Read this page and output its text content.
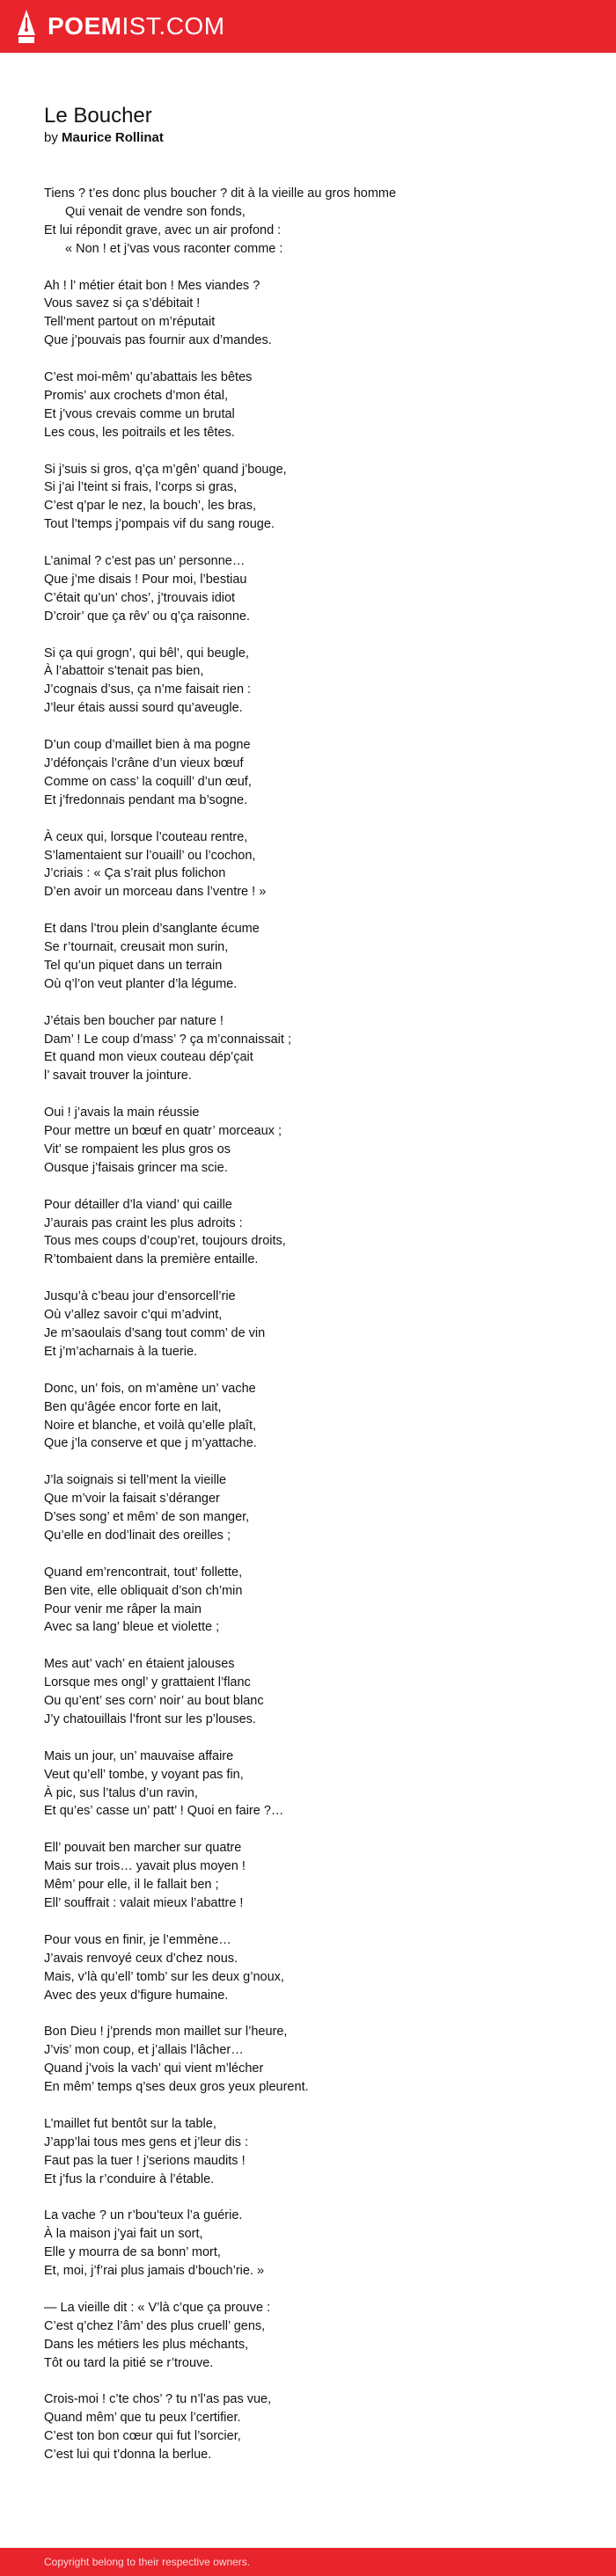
POEMIST.COM
Le Boucher
by Maurice Rollinat
Tiens ? t’es donc plus boucher ? dit à la vieille au gros homme
Qui venait de vendre son fonds,
Et lui répondit grave, avec un air profond :
« Non ! et j’vas vous raconter comme :
Ah ! l’ métier était bon ! Mes viandes ?
Vous savez si ça s’débitait !
Tell’ment partout on m’réputait
Que j’pouvais pas fournir aux d’mandes.
C’est moi-mêm’ qu’abattais les bêtes
Promis’ aux crochets d’mon étal,
Et j’vous crevais comme un brutal
Les cous, les poitrails et les têtes.
Si j’suis si gros, q’ça m’gên’ quand j’bouge,
Si j’ai l’teint si frais, l’corps si gras,
C’est q’par le nez, la bouch’, les bras,
Tout l’temps j’pompais vif du sang rouge.
L’animal ? c’est pas un’ personne…
Que j’me disais ! Pour moi, l’bestiau
C’était qu’un’ chos’, j’trouvais idiot
D’croir’ que ça rêv’ ou q’ça raisonne.
Si ça qui grogn’, qui bêl’, qui beugle,
À l’abattoir s’tenait pas bien,
J’cognais d’sus, ça n’me faisait rien :
J’leur étais aussi sourd qu’aveugle.
D’un coup d’maillet bien à ma pogne
J’défonçais l’crâne d’un vieux bœuf
Comme on cass’ la coquill’ d’un œuf,
Et j’fredonnais pendant ma b’sogne.
À ceux qui, lorsque l’couteau rentre,
S’lamentaient sur l’ouaill’ ou l’cochon,
J’criais : « Ça s’rait plus folichon
D’en avoir un morceau dans l’ventre ! »
Et dans l’trou plein d’sanglante écume
Se r’tournait, creusait mon surin,
Tel qu’un piquet dans un terrain
Où q’l’on veut planter d’la légume.
J’étais ben boucher par nature !
Dam’ ! Le coup d’mass’ ? ça m’connaissait ;
Et quand mon vieux couteau dép’çait
l’ savait trouver la jointure.
Oui ! j’avais la main réussie
Pour mettre un bœuf en quatr’ morceaux ;
Vit’ se rompaient les plus gros os
Ousque j’faisais grincer ma scie.
Pour détailler d’la viand’ qui caille
J’aurais pas craint les plus adroits :
Tous mes coups d’coup’ret, toujours droits,
R’tombaient dans la première entaille.
Jusqu’à c’beau jour d’ensorcell’rie
Où v’allez savoir c’qui m’advint,
Je m’saoulais d’sang tout comm’ de vin
Et j’m’acharnais à la tuerie.
Donc, un’ fois, on m’amène un’ vache
Ben qu’âgée encor forte en lait,
Noire et blanche, et voilà qu’elle plaît,
Que j’la conserve et que j m’yattache.
J’la soignais si tell’ment la vieille
Que m’voir la faisait s’déranger
D’ses song’ et mêm’ de son manger,
Qu’elle en dod’linait des oreilles ;
Quand em’rencontrait, tout’ follette,
Ben vite, elle obliquait d’son ch’min
Pour venir me râper la main
Avec sa lang’ bleue et violette ;
Mes aut’ vach’ en étaient jalouses
Lorsque mes ongl’ y grattaient l’flanc
Ou qu’ent’ ses corn’ noir’ au bout blanc
J’y chatouillais l’front sur les p’louses.
Mais un jour, un’ mauvaise affaire
Veut qu’ell’ tombe, y voyant pas fin,
À pic, sus l’talus d’un ravin,
Et qu’es’ casse un’ patt’ ! Quoi en faire ?…
Ell’ pouvait ben marcher sur quatre
Mais sur trois… yavait plus moyen !
Mêm’ pour elle, il le fallait ben ;
Ell’ souffrait : valait mieux l’abattre !
Pour vous en finir, je l’emmène…
J’avais renvoyé ceux d’chez nous.
Mais, v’là qu’ell’ tomb’ sur les deux g’noux,
Avec des yeux d’figure humaine.
Bon Dieu ! j’prends mon maillet sur l’heure,
J’vis’ mon coup, et j’allais l’lâcher…
Quand j’vois la vach’ qui vient m’lécher
En mêm’ temps q’ses deux gros yeux pleurent.
L’maillet fut bentôt sur la table,
J’app’lai tous mes gens et j’leur dis :
Faut pas la tuer ! j’serions maudits !
Et j’fus la r’conduire à l’étable.
La vache ? un r’bou’teux l’a guérie.
À la maison j’yai fait un sort,
Elle y mourra de sa bonn’ mort,
Et, moi, j’f’rai plus jamais d’bouch’rie. »
— La vieille dit : « V’là c’que ça prouve :
C’est q’chez l’âm’ des plus cruell’ gens,
Dans les métiers les plus méchants,
Tôt ou tard la pitié se r’trouve.
Crois-moi ! c’te chos’ ? tu n’l’as pas vue,
Quand mêm’ que tu peux l’certifier.
C’est ton bon cœur qui fut l’sorcier,
C’est lui qui t’donna la berlue.
Copyright belong to their respective owners.
